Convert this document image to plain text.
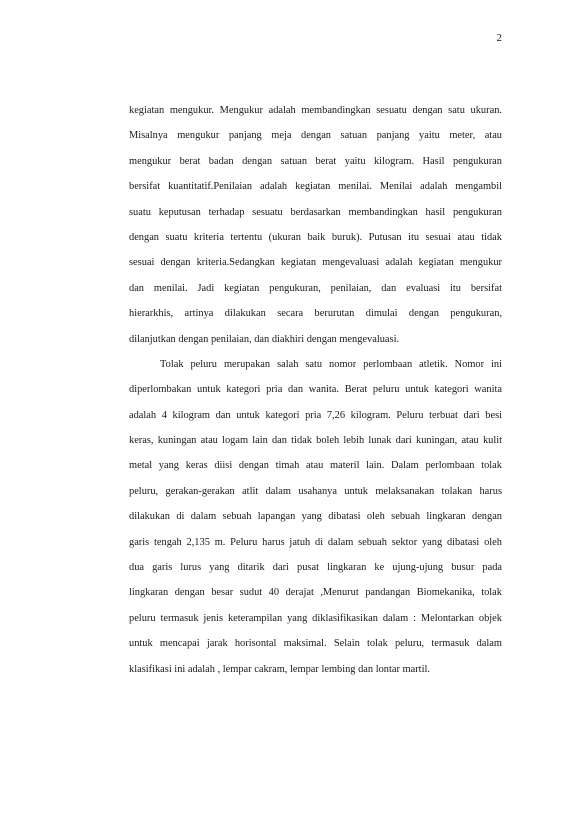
2
kegiatan mengukur. Mengukur adalah membandingkan sesuatu dengan satu ukuran.
Misalnya mengukur panjang meja dengan satuan panjang yaitu meter, atau
mengukur berat badan dengan satuan berat yaitu kilogram. Hasil pengukuran
bersifat kuantitatif.Penilaian adalah kegiatan menilai. Menilai adalah mengambil
suatu keputusan terhadap sesuatu berdasarkan membandingkan hasil pengukuran
dengan suatu kriteria tertentu (ukuran baik buruk). Putusan itu sesuai atau tidak
sesuai dengan kriteria.Sedangkan kegiatan mengevaluasi adalah kegiatan mengukur
dan menilai. Jadi kegiatan pengukuran, penilaian, dan evaluasi itu bersifat
hierarkhis, artinya dilakukan secara berurutan dimulai dengan pengukuran,
dilanjutkan dengan penilaian, dan diakhiri dengan mengevaluasi.
Tolak peluru merupakan salah satu nomor perlombaan atletik. Nomor ini
diperlombakan untuk kategori pria dan wanita. Berat peluru untuk kategori wanita
adalah 4 kilogram dan untuk kategori pria 7,26 kilogram. Peluru terbuat dari besi
keras, kuningan atau logam lain dan tidak boleh lebih lunak dari kuningan, atau kulit
metal yang keras diisi dengan timah atau materil lain. Dalam perlombaan tolak
peluru, gerakan-gerakan atlit dalam usahanya untuk melaksanakan tolakan harus
dilakukan di dalam sebuah lapangan yang dibatasi oleh sebuah lingkaran dengan
garis tengah 2,135 m. Peluru harus jatuh di dalam sebuah sektor yang dibatasi oleh
dua garis lurus yang ditarik dari pusat lingkaran ke ujung-ujung busur pada
lingkaran dengan besar sudut 40 derajat ,Menurut pandangan Biomekanika, tolak
peluru termasuk jenis keterampilan yang diklasifikasikan dalam : Melontarkan objek
untuk mencapai jarak horisontal maksimal. Selain tolak peluru, termasuk dalam
klasifikasi ini adalah , lempar cakram, lempar lembing dan lontar martil.
